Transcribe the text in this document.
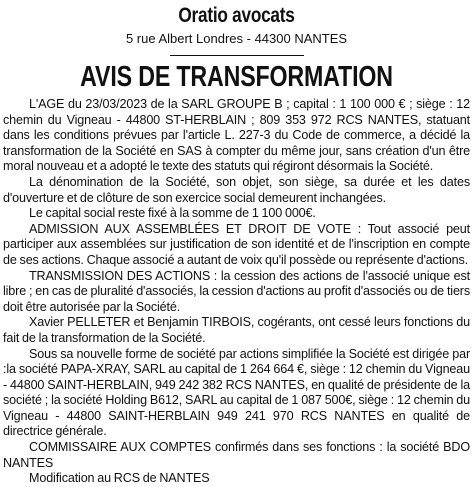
Oratio avocats
5 rue Albert Londres - 44300 NANTES
AVIS DE TRANSFORMATION

L'AGE du 23/03/2023 de la SARL GROUPE B ; capital : 1 100 000 € ; siège : 12 chemin du Vigneau - 44800 ST-HERBLAIN ; 809 353 972 RCS NANTES, statuant dans les conditions prévues par l'article L. 227-3 du Code de commerce, a décidé la transformation de la Société en SAS à compter du même jour, sans création d'un être moral nouveau et a adopté le texte des statuts qui régiront désormais la Société.

La dénomination de la Société, son objet, son siège, sa durée et les dates d'ouverture et de clôture de son exercice social demeurent inchangées.

Le capital social reste fixé à la somme de 1 100 000€.

ADMISSION AUX ASSEMBLÉES ET DROIT DE VOTE : Tout associé peut participer aux assemblées sur justification de son identité et de l'inscription en compte de ses actions. Chaque associé a autant de voix qu'il possède ou représente d'actions.

TRANSMISSION DES ACTIONS : la cession des actions de l'associé unique est libre ; en cas de pluralité d'associés, la cession d'actions au profit d'associés ou de tiers doit être autorisée par la Société.

Xavier PELLETER et Benjamin TIRBOIS, cogérants, ont cessé leurs fonctions du fait de la transformation de la Société.

Sous sa nouvelle forme de société par actions simplifiée la Société est dirigée par :la société PAPA-XRAY, SARL au capital de 1 264 664 €, siège : 12 chemin du Vigneau - 44800 SAINT-HERBLAIN, 949 242 382 RCS NANTES, en qualité de présidente de la société ; la société Holding B612, SARL au capital de 1 087 500€, siège : 12 chemin du Vigneau - 44800 SAINT-HERBLAIN 949 241 970 RCS NANTES en qualité de directrice générale.

COMMISSAIRE AUX COMPTES confirmés dans ses fonctions : la société BDO NANTES

Modification au RCS de NANTES
